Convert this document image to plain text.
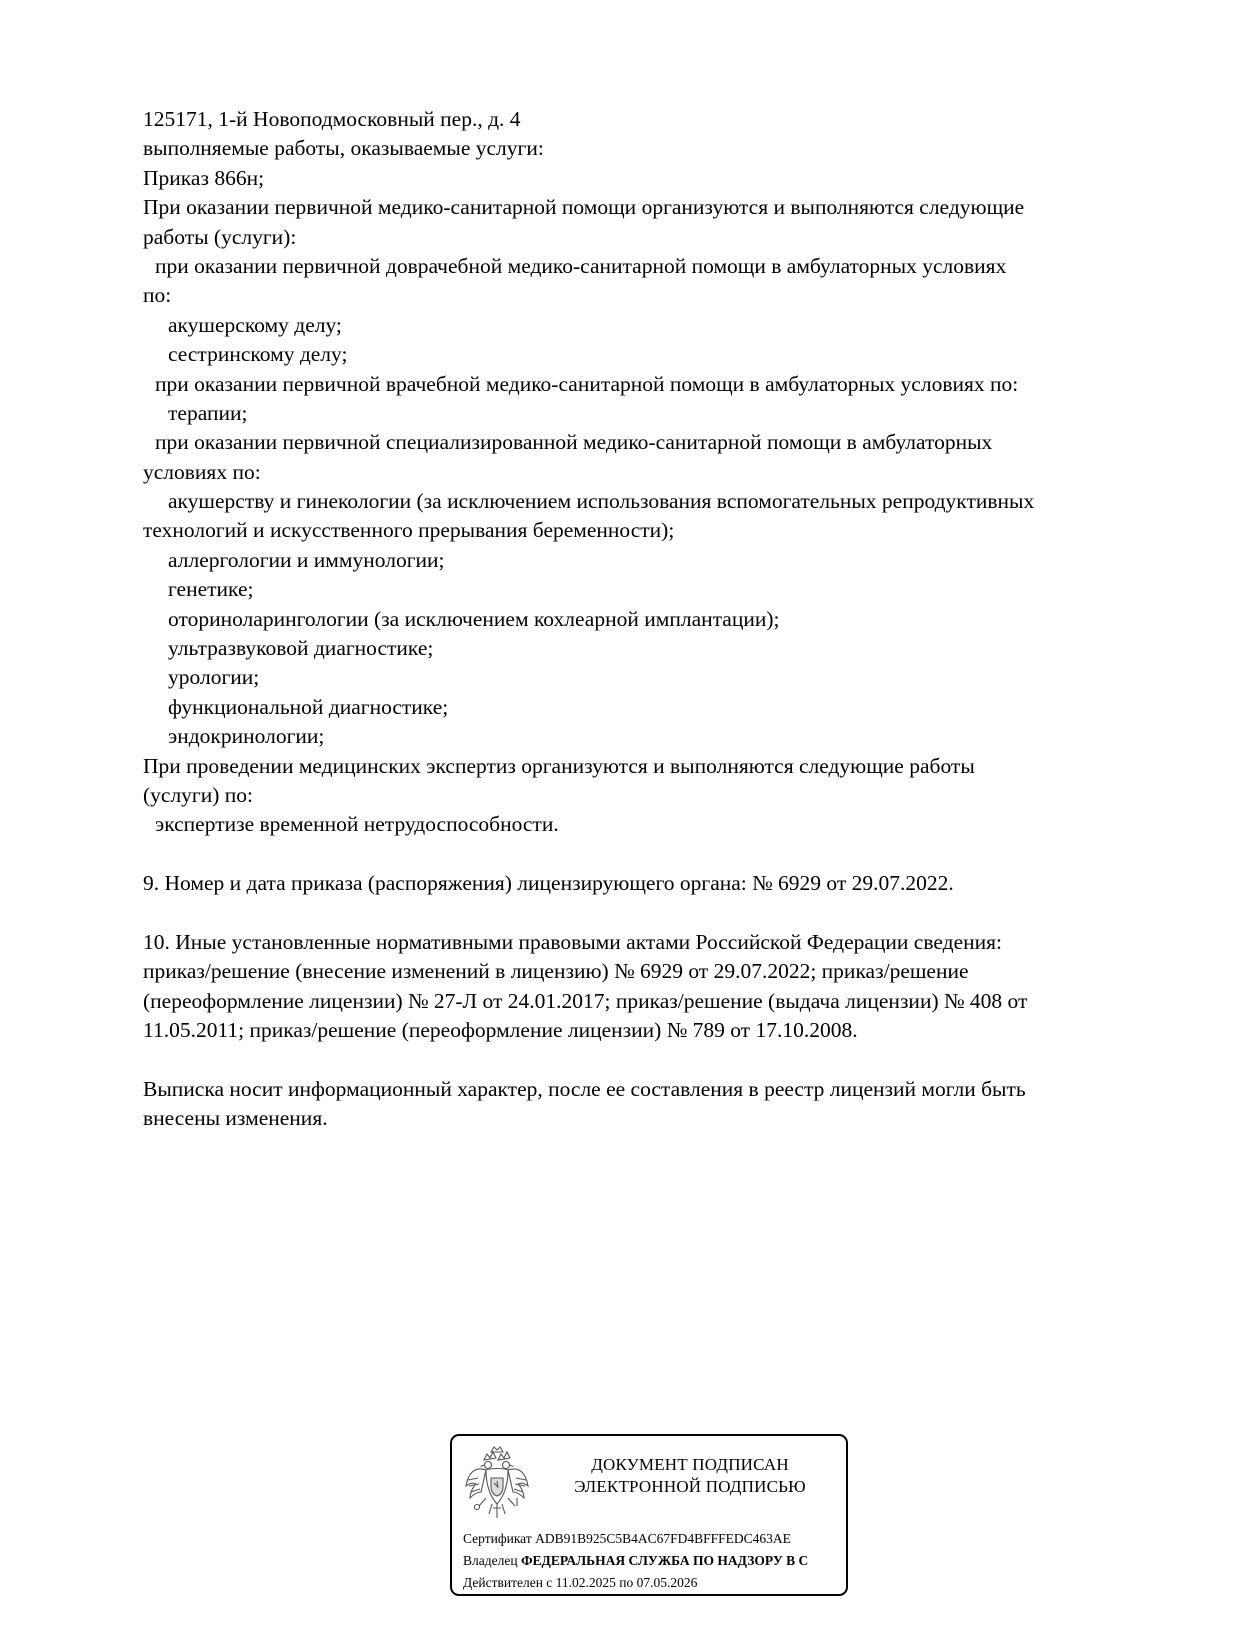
125171, 1-й Новоподмосковный пер., д. 4
выполняемые работы, оказываемые услуги:
Приказ 866н;
При оказании первичной медико-санитарной помощи организуются и выполняются следующие
работы (услуги):
при оказании первичной доврачебной медико-санитарной помощи в амбулаторных условиях
по:
акушерскому делу;
сестринскому делу;
при оказании первичной врачебной медико-санитарной помощи в амбулаторных условиях по:
терапии;
при оказании первичной специализированной медико-санитарной помощи в амбулаторных
условиях по:
акушерству и гинекологии (за исключением использования вспомогательных репродуктивных
технологий и искусственного прерывания беременности);
аллергологии и иммунологии;
генетике;
оториноларингологии (за исключением кохлеарной имплантации);
ультразвуковой диагностике;
урологии;
функциональной диагностике;
эндокринологии;
При проведении медицинских экспертиз организуются и выполняются следующие работы
(услуги) по:
экспертизе временной нетрудоспособности.
9. Номер и дата приказа (распоряжения) лицензирующего органа: № 6929 от 29.07.2022.
10. Иные установленные нормативными правовыми актами Российской Федерации сведения:
приказ/решение (внесение изменений в лицензию) № 6929 от 29.07.2022; приказ/решение
(переоформление лицензии) № 27-Л от 24.01.2017; приказ/решение (выдача лицензии) № 408 от
11.05.2011; приказ/решение (переоформление лицензии) № 789 от 17.10.2008.
Выписка носит информационный характер, после ее составления в реестр лицензий могли быть
внесены изменения.
ДОКУМЕНТ ПОДПИСАН
ЭЛЕКТРОННОЙ ПОДПИСЬЮ
Сертификат ADB91B925C5B4AC67FD4BFFFEDC463AE
Владелец ФЕДЕРАЛЬНАЯ СЛУЖБА ПО НАДЗОРУ В С
Действителен с 11.02.2025 по 07.05.2026
